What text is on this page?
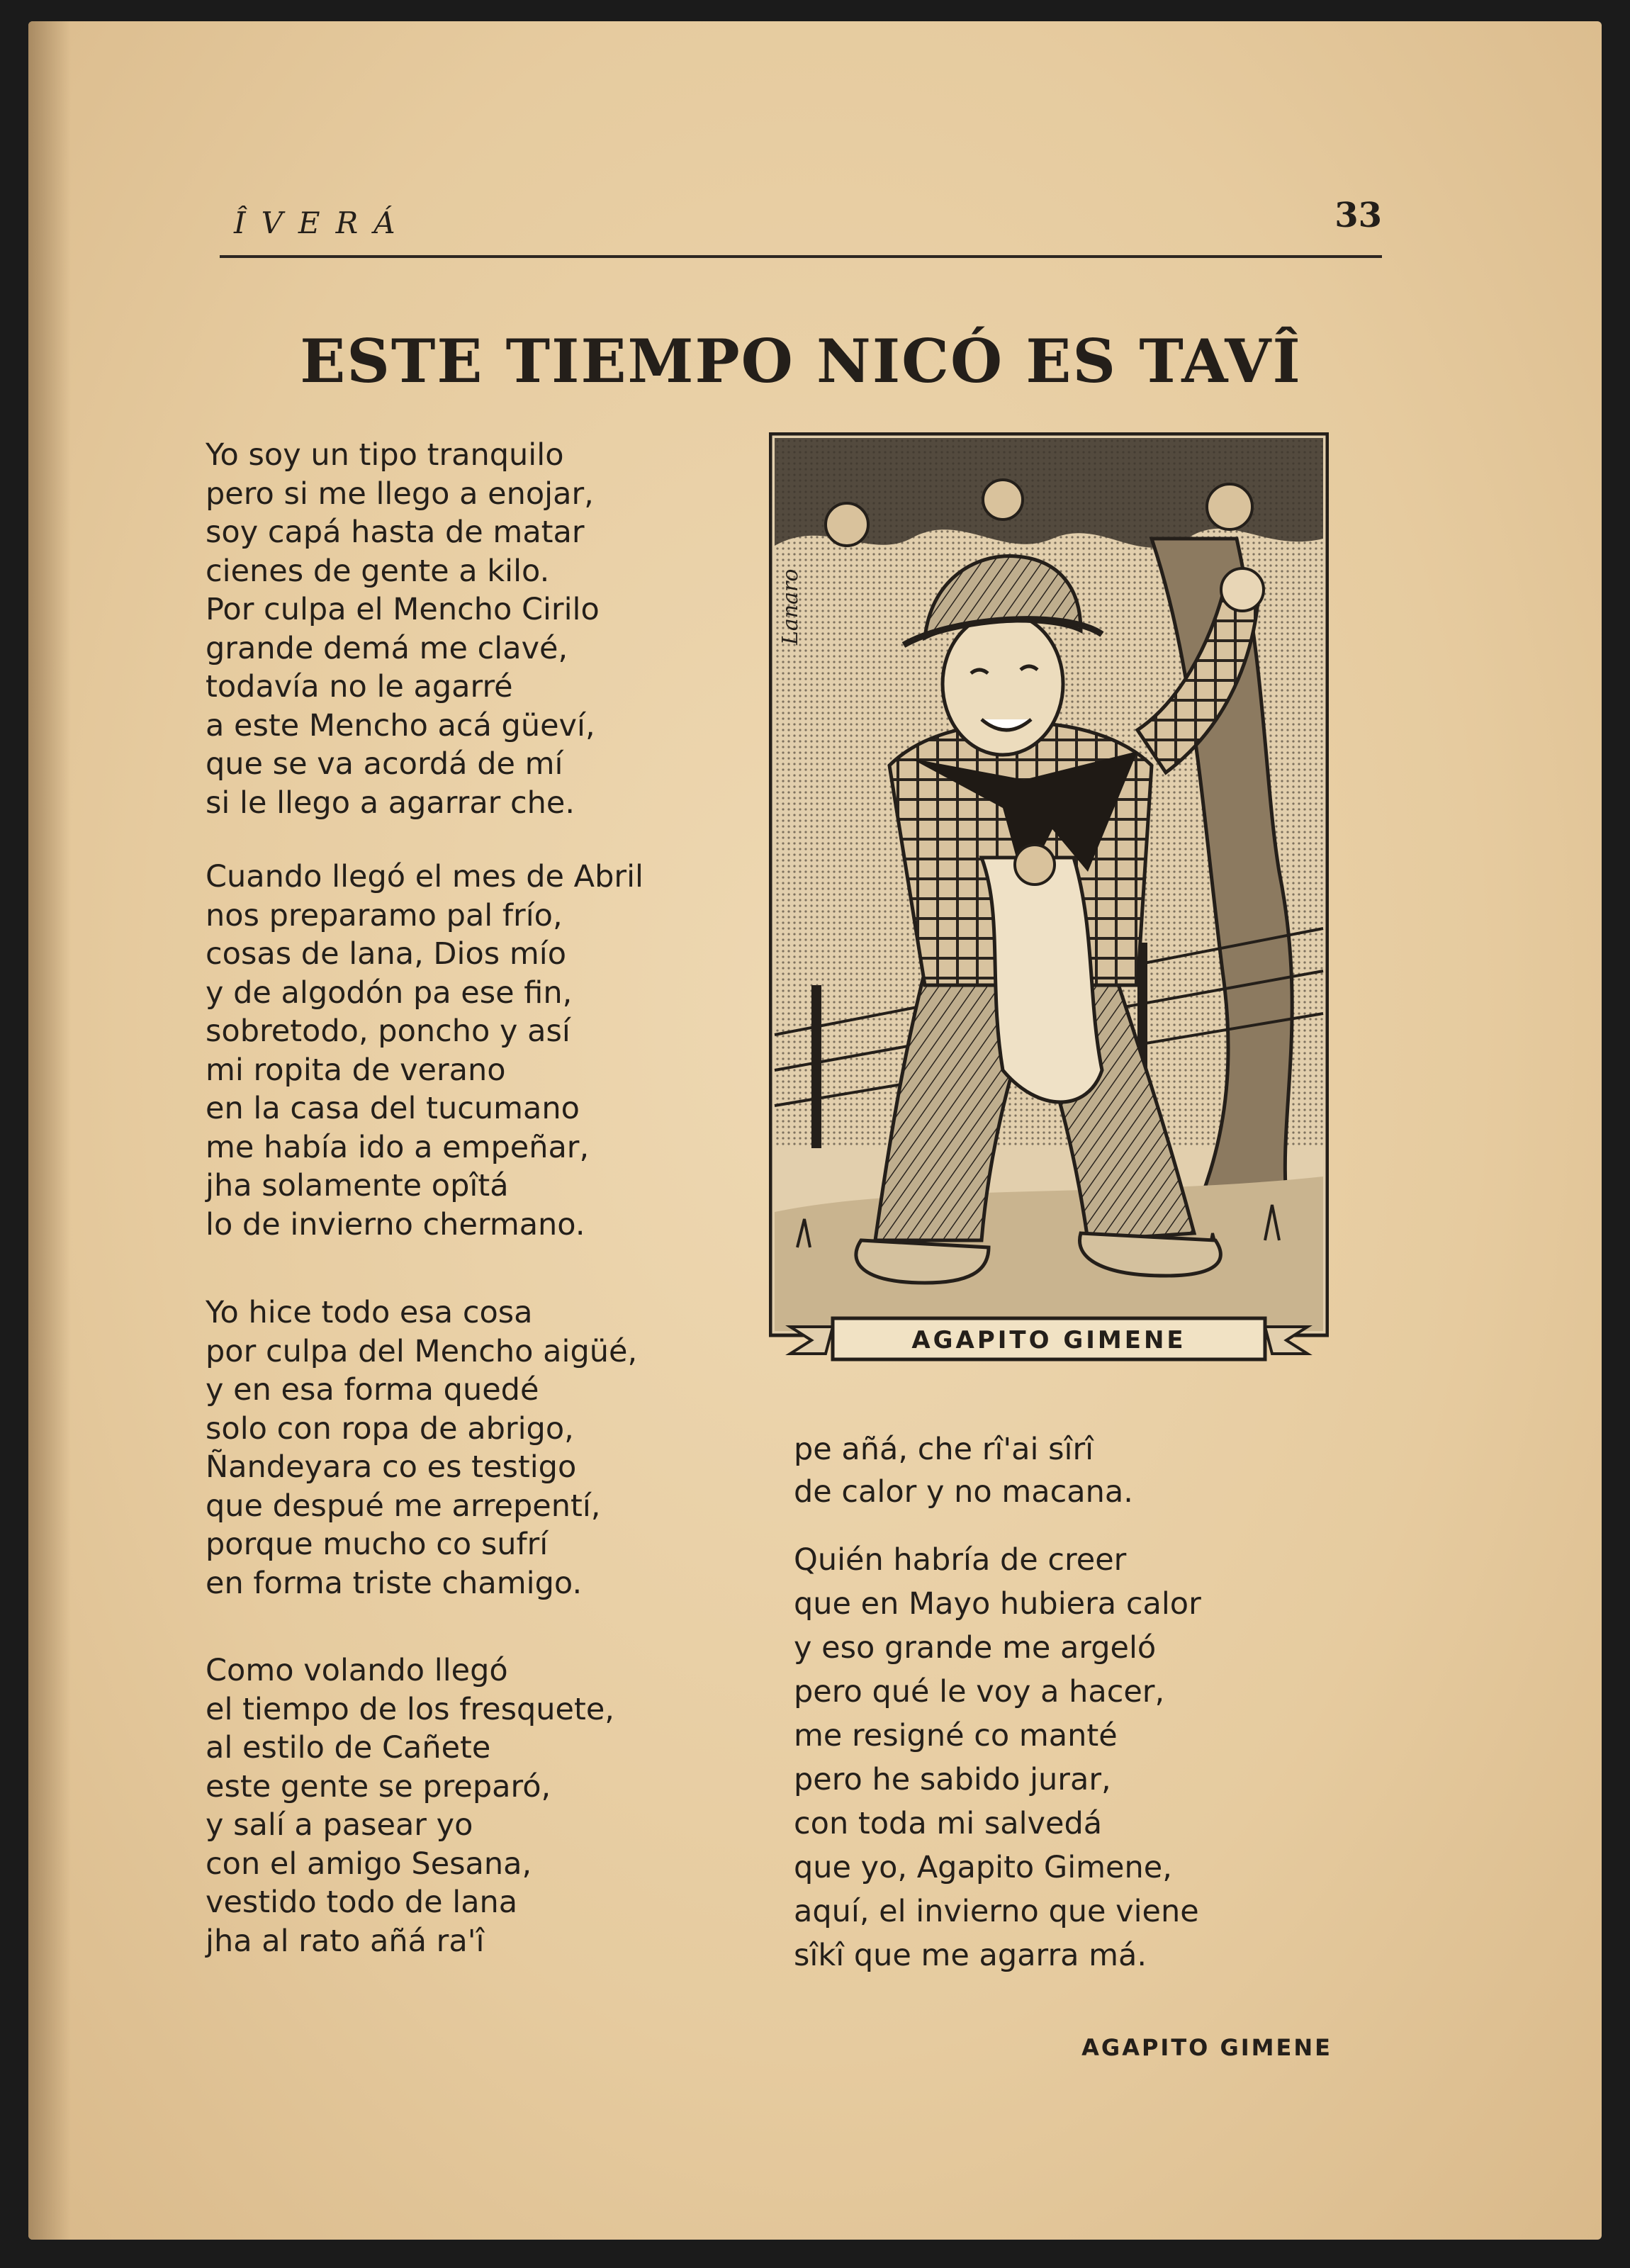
ÎVERÁ	33
ESTE TIEMPO NICÓ ES TAVÎ
Yo soy un tipo tranquilo
pero si me llego a enojar,
soy capá hasta de matar
cienes de gente a kilo.
Por culpa el Mencho Cirilo
grande demá me clavé,
todavía no le agarré
a este Mencho acá güeví,
que se va acordá de mí
si le llego a agarrar che.
Cuando llegó el mes de Abril
nos preparamo pal frío,
cosas de lana, Dios mío
y de algodón pa ese fin,
sobretodo, poncho y así
mi ropita de verano
en la casa del tucumano
me había ido a empeñar,
jha solamente opîtá
lo de invierno chermano.
Yo hice todo esa cosa
por culpa del Mencho aigüé,
y en esa forma quedé
solo con ropa de abrigo,
Ñandeyara co es testigo
que despué me arrepentí,
porque mucho co sufrí
en forma triste chamigo.
Como volando llegó
el tiempo de los fresquete,
al estilo de Cañete
este gente se preparó,
y salí a pasear yo
con el amigo Sesana,
vestido todo de lana
jha al rato añá ra'î
pe añá, che rî'ai sîrî
de calor y no macana.
Quién habría de creer
que en Mayo hubiera calor
y eso grande me argeló
pero qué le voy a hacer,
me resigné co manté
pero he sabido jurar,
con toda mi salvedá
que yo, Agapito Gimene,
aquí, el invierno que viene
sîkî que me agarra má.
Lanaro
AGAPITO GIMENE
AGAPITO GIMENE
